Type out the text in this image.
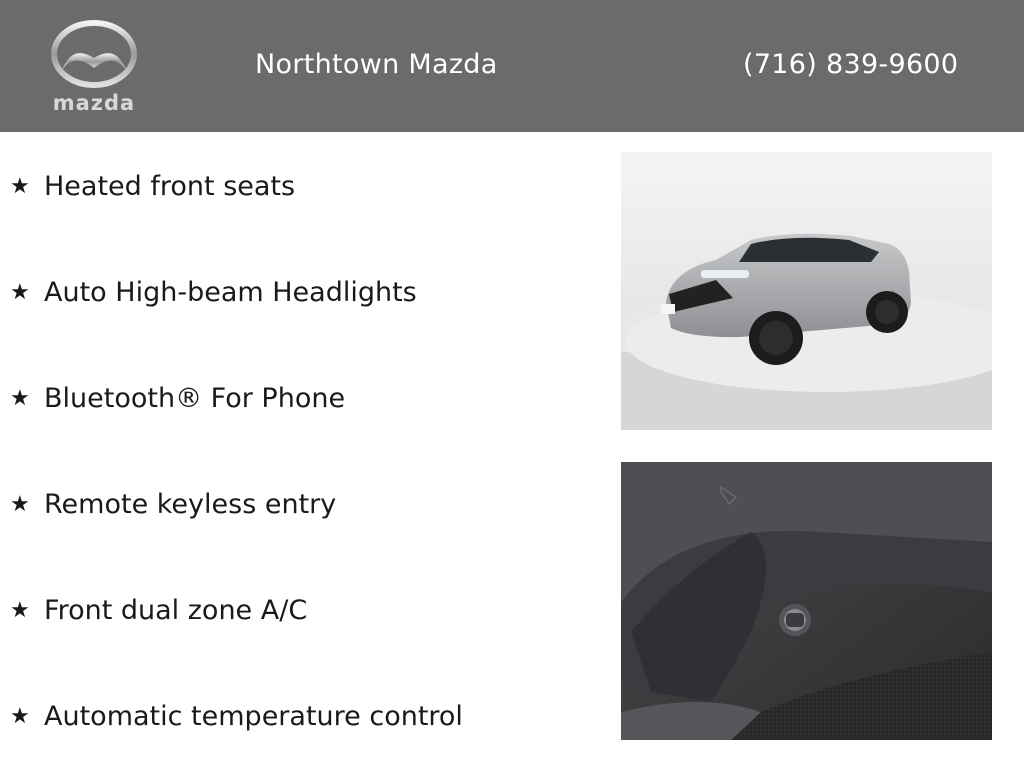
mazda
Northtown Mazda	(716) 839-9600
★ Heated front seats
★ Auto High-beam Headlights
★ Bluetooth® For Phone
★ Remote keyless entry
★ Front dual zone A/C
★ Automatic temperature control
